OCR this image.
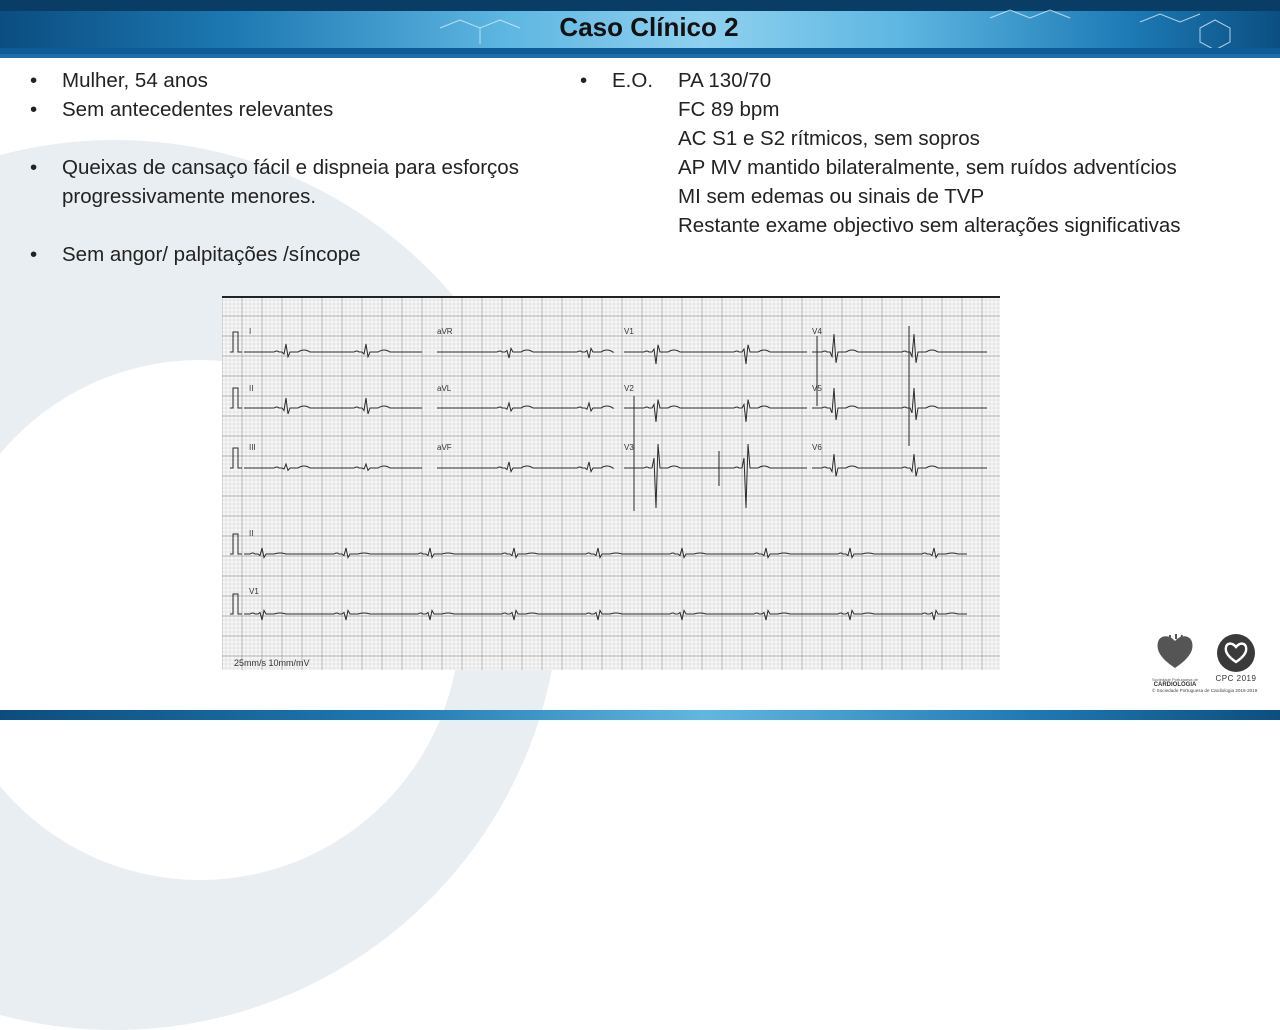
Caso Clínico 2
•	Mulher, 54 anos
•	Sem antecedentes relevantes
•	Queixas de cansaço fácil e dispneia para esforços progressivamente menores.
•	Sem angor/ palpitações /síncope
•	E.O.	PA 130/70
FC 89 bpm
AC S1 e S2 rítmicos, sem sopros
AP MV mantido bilateralmente, sem ruídos adventícios
MI sem edemas ou sinais de TVP
Restante exame objectivo sem alterações significativas
I	aVR	V1	V4
II	aVL	V2	V5
III	aVF	V3	V6
II
V1
25mm/s 10mm/mV
Sociedade Portuguesa de
CARDIOLOGIA
CPC 2019
© Sociedade Portuguesa de Cardiologia 2018-2019
